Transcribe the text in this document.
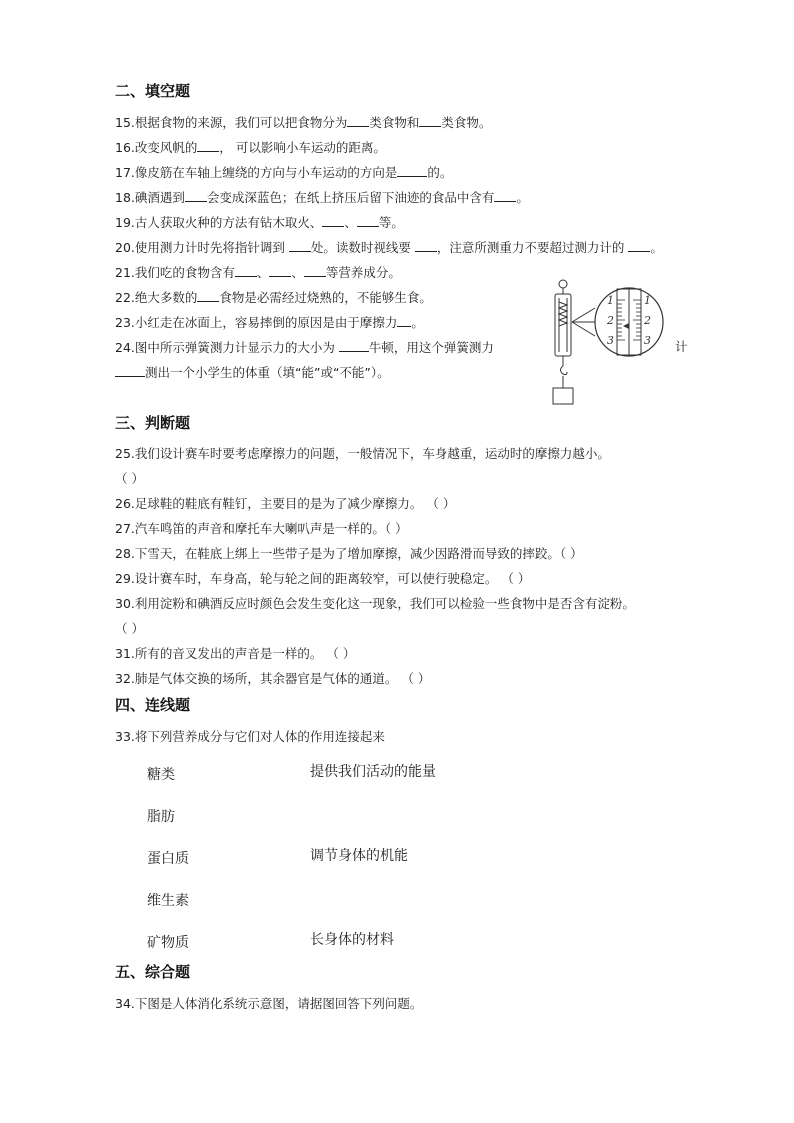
二、填空题
15.根据食物的来源，我们可以把食物分为 类食物和 类食物。
16.改变风帆的 ， 可以影响小车运动的距离。
17.像皮筋在车轴上缠绕的方向与小车运动的方向是 的。
18.碘酒遇到 会变成深蓝色；在纸上挤压后留下油迹的食品中含有 。
19.古人获取火种的方法有钻木取火、 、 等。
20.使用测力计时先将指针调到 处。读数时视线要 ，注意所测重力不要超过测力计的 。
21.我们吃的食物含有 、 、 等营养成分。
22.绝大多数的 食物是必需经过烧熟的，不能够生食。
23.小红走在冰面上，容易摔倒的原因是由于摩擦力 。
24.图中所示弹簧测力计显示力的大小为 牛顿，用这个弹簧测力	计
测出一个小学生的体重（填“能”或“不能”）。
1
2
3
1
2
3
三、判断题
25.我们设计赛车时要考虑摩擦力的问题，一般情况下，车身越重，运动时的摩擦力越小。
（ ）
26.足球鞋的鞋底有鞋钉，主要目的是为了减少摩擦力。 （ ）
27.汽车鸣笛的声音和摩托车大喇叭声是一样的。（ ）
28.下雪天，在鞋底上绑上一些带子是为了增加摩擦，减少因路滑而导致的摔跤。（ ）
29.设计赛车时，车身高，轮与轮之间的距离较窄，可以使行驶稳定。 （ ）
30.利用淀粉和碘酒反应时颜色会发生变化这一现象，我们可以检验一些食物中是否含有淀粉。
（ ）
31.所有的音叉发出的声音是一样的。 （ ）
32.肺是气体交换的场所，其余器官是气体的通道。 （ ）
四、连线题
33.将下列营养成分与它们对人体的作用连接起来
糖类
脂肪
蛋白质
维生素
矿物质
提供我们活动的能量
调节身体的机能
长身体的材料
五、综合题
34.下图是人体消化系统示意图，请据图回答下列问题。
